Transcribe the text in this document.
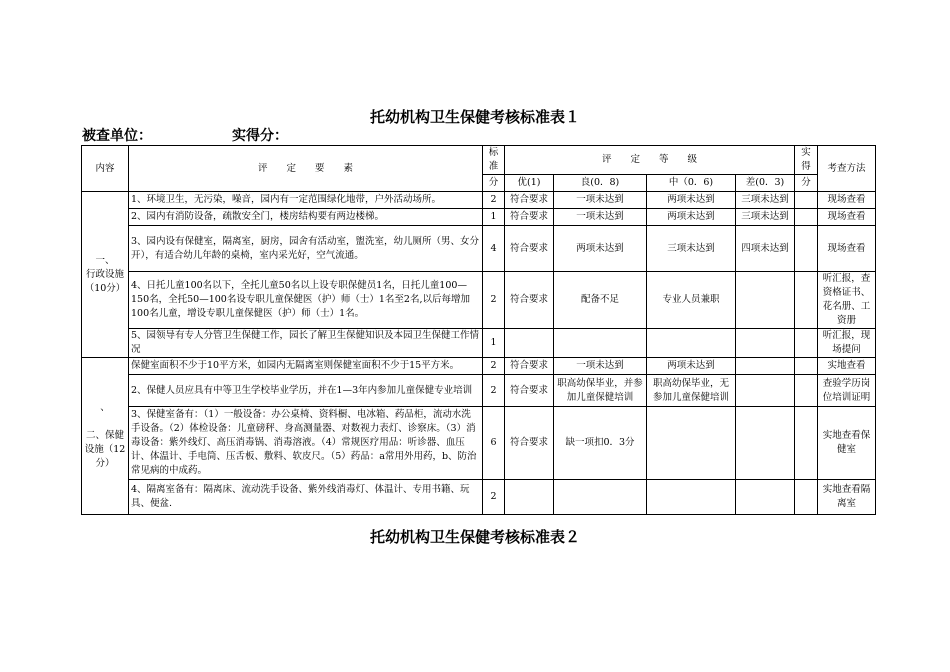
托幼机构卫生保健考核标准表１
被查单位：	实得分：
内容	评　　定　　要　　素	标准	评　　定　　等　　级				实得	考查方法
		分	优(1)	良(0．8)	中（0．6)	差(0．3)	分	
一、
行政设施（10分）	1、环境卫生，无污染，噪音，园内有一定范围绿化地带，户外活动场所。	2	符合要求	一项未达到	两项未达到	三项未达到		现场查看
	2、园内有消防设备，疏散安全门，楼房结构要有两边楼梯。	1	符合要求	一项未达到	两项未达到	三项未达到		现场查看
	3、园内设有保健室，隔离室，厨房，园舍有活动室，盥洗室，幼儿厕所（男、女分开），有适合幼儿年龄的桌椅，室内采光好，空气流通。	4	符合要求	两项未达到	三项未达到	四项未达到		现场查看
	4、日托儿童100名以下，全托儿童50名以上设专职保健员1名，日托儿童100—150名，全托50—100名设专职儿童保健医（护）师（士）1名至2名,以后每增加100名儿童，增设专职儿童保健医（护）师（士）1名。	2	符合要求	配备不足	专业人员兼职			听汇报，查资格证书、花名册、工资册
	5、园领导有专人分管卫生保健工作，园长了解卫生保健知识及本园卫生保健工作情况	1						听汇报，现场提问
、

二、保健设施（12分）	保健室面积不少于10平方米，如园内无隔离室则保健室面积不少于15平方米。	2	符合要求	一项未达到	两项未达到			实地查看
	2、保健人员应具有中等卫生学校毕业学历，并在1—3年内参加儿童保健专业培训	2	符合要求	职高幼保毕业，并参加儿童保健培训	职高幼保毕业，无参加儿童保健培训			查验学历岗位培训证明
	3、保健室备有：（1）一般设备：办公桌椅、资料橱、电冰箱、药品柜，流动水洗手设备。（2）体检设备：儿童磅秤、身高测量器、对数视力表灯、诊察床。（3）消毒设备：紫外线灯、高压消毒锅、消毒溶液。（4）常规医疗用品：听诊器、血压计、体温计、手电筒、压舌板、敷料、软皮尺。（5）药品：a常用外用药，b、防治常见病的中成药。	6	符合要求	缺一项扣0．3分				实地查看保健室
	4、隔离室备有：隔离床、流动洗手设备、紫外线消毒灯、体温计、专用书籍、玩具、便盆.	2						实地查看隔离室
托幼机构卫生保健考核标准表２
